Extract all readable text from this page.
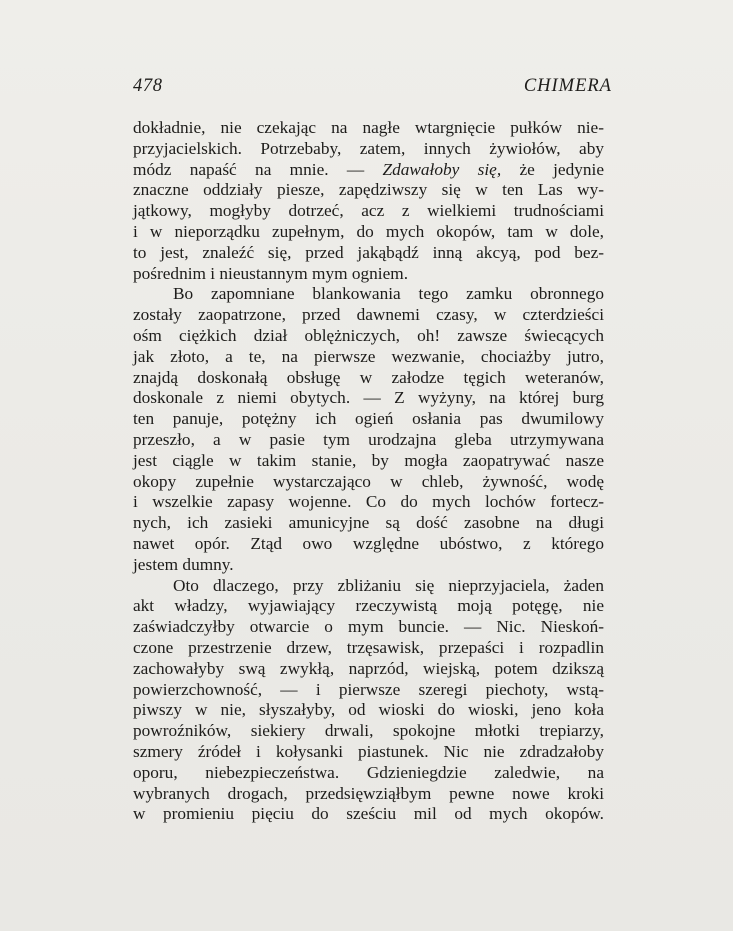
478	CHIMERA
dokładnie, nie czekając na nagłe wtargnięcie pułków nie-
przyjacielskich. Potrzebaby, zatem, innych żywiołów, aby
módz napaść na mnie. — Zdawałoby się, że jedynie
znaczne oddziały piesze, zapędziwszy się w ten Las wy-
jątkowy, mogłyby dotrzeć, acz z wielkiemi trudnościami
i w nieporządku zupełnym, do mych okopów, tam w dole,
to jest, znaleźć się, przed jakąbądź inną akcyą, pod bez-
pośrednim i nieustannym mym ogniem.
Bo zapomniane blankowania tego zamku obronnego
zostały zaopatrzone, przed dawnemi czasy, w czterdzieści
ośm ciężkich dział oblężniczych, oh! zawsze świecących
jak złoto, a te, na pierwsze wezwanie, chociażby jutro,
znajdą doskonałą obsługę w załodze tęgich weteranów,
doskonale z niemi obytych. — Z wyżyny, na której burg
ten panuje, potężny ich ogień osłania pas dwumilowy
przeszło, a w pasie tym urodzajna gleba utrzymywana
jest ciągle w takim stanie, by mogła zaopatrywać nasze
okopy zupełnie wystarczająco w chleb, żywność, wodę
i wszelkie zapasy wojenne. Co do mych lochów fortecz-
nych, ich zasieki amunicyjne są dość zasobne na długi
nawet opór. Ztąd owo względne ubóstwo, z którego
jestem dumny.
Oto dlaczego, przy zbliżaniu się nieprzyjaciela, żaden
akt władzy, wyjawiający rzeczywistą moją potęgę, nie
zaświadczyłby otwarcie o mym buncie. — Nic. Nieskoń-
czone przestrzenie drzew, trzęsawisk, przepaści i rozpadlin
zachowałyby swą zwykłą, naprzód, wiejską, potem dzikszą
powierzchowność, — i pierwsze szeregi piechoty, wstą-
piwszy w nie, słyszałyby, od wioski do wioski, jeno koła
powroźników, siekiery drwali, spokojne młotki trepiarzy,
szmery źródeł i kołysanki piastunek. Nic nie zdradzałoby
oporu, niebezpieczeństwa. Gdzieniegdzie zaledwie, na
wybranych drogach, przedsięwziąłbym pewne nowe kroki
w promieniu pięciu do sześciu mil od mych okopów.
